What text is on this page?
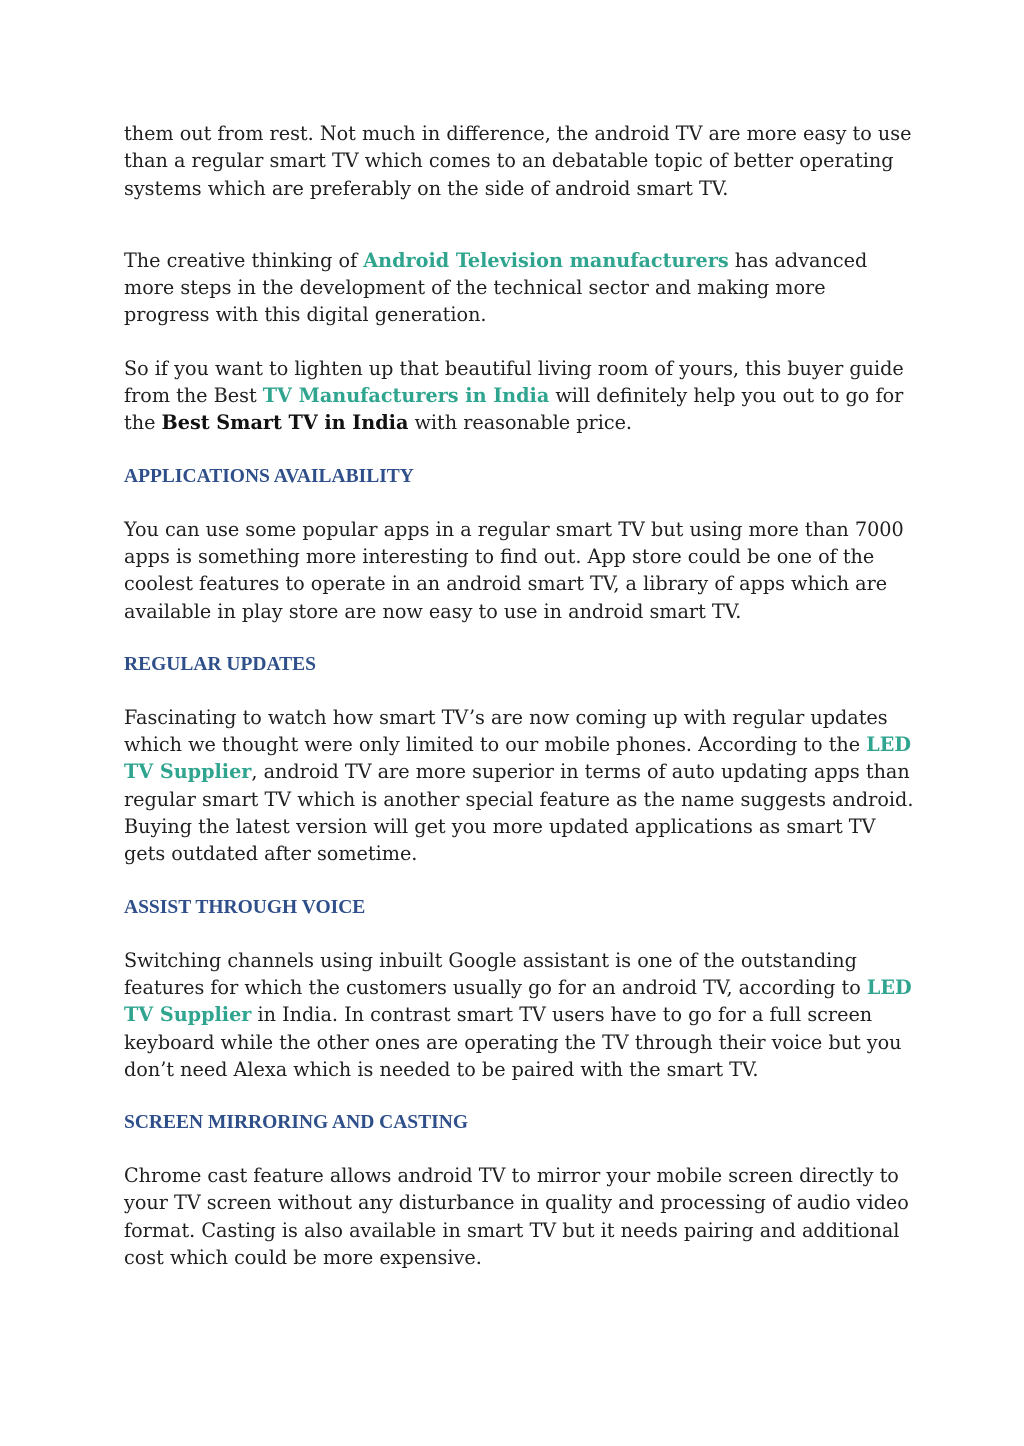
them out from rest. Not much in difference, the android TV are more easy to use than a regular smart TV which comes to an debatable topic of better operating systems which are preferably on the side of android smart TV.

The creative thinking of Android Television manufacturers has advanced more steps in the development of the technical sector and making more progress with this digital generation.

So if you want to lighten up that beautiful living room of yours, this buyer guide from the Best TV Manufacturers in India will definitely help you out to go for the Best Smart TV in India with reasonable price.

APPLICATIONS AVAILABILITY

You can use some popular apps in a regular smart TV but using more than 7000 apps is something more interesting to find out. App store could be one of the coolest features to operate in an android smart TV, a library of apps which are available in play store are now easy to use in android smart TV.

REGULAR UPDATES

Fascinating to watch how smart TV’s are now coming up with regular updates which we thought were only limited to our mobile phones. According to the LED TV Supplier, android TV are more superior in terms of auto updating apps than regular smart TV which is another special feature as the name suggests android. Buying the latest version will get you more updated applications as smart TV gets outdated after sometime.

ASSIST THROUGH VOICE

Switching channels using inbuilt Google assistant is one of the outstanding features for which the customers usually go for an android TV, according to LED TV Supplier in India. In contrast smart TV users have to go for a full screen keyboard while the other ones are operating the TV through their voice but you don’t need Alexa which is needed to be paired with the smart TV.

SCREEN MIRRORING AND CASTING

Chrome cast feature allows android TV to mirror your mobile screen directly to your TV screen without any disturbance in quality and processing of audio video format. Casting is also available in smart TV but it needs pairing and additional cost which could be more expensive.
